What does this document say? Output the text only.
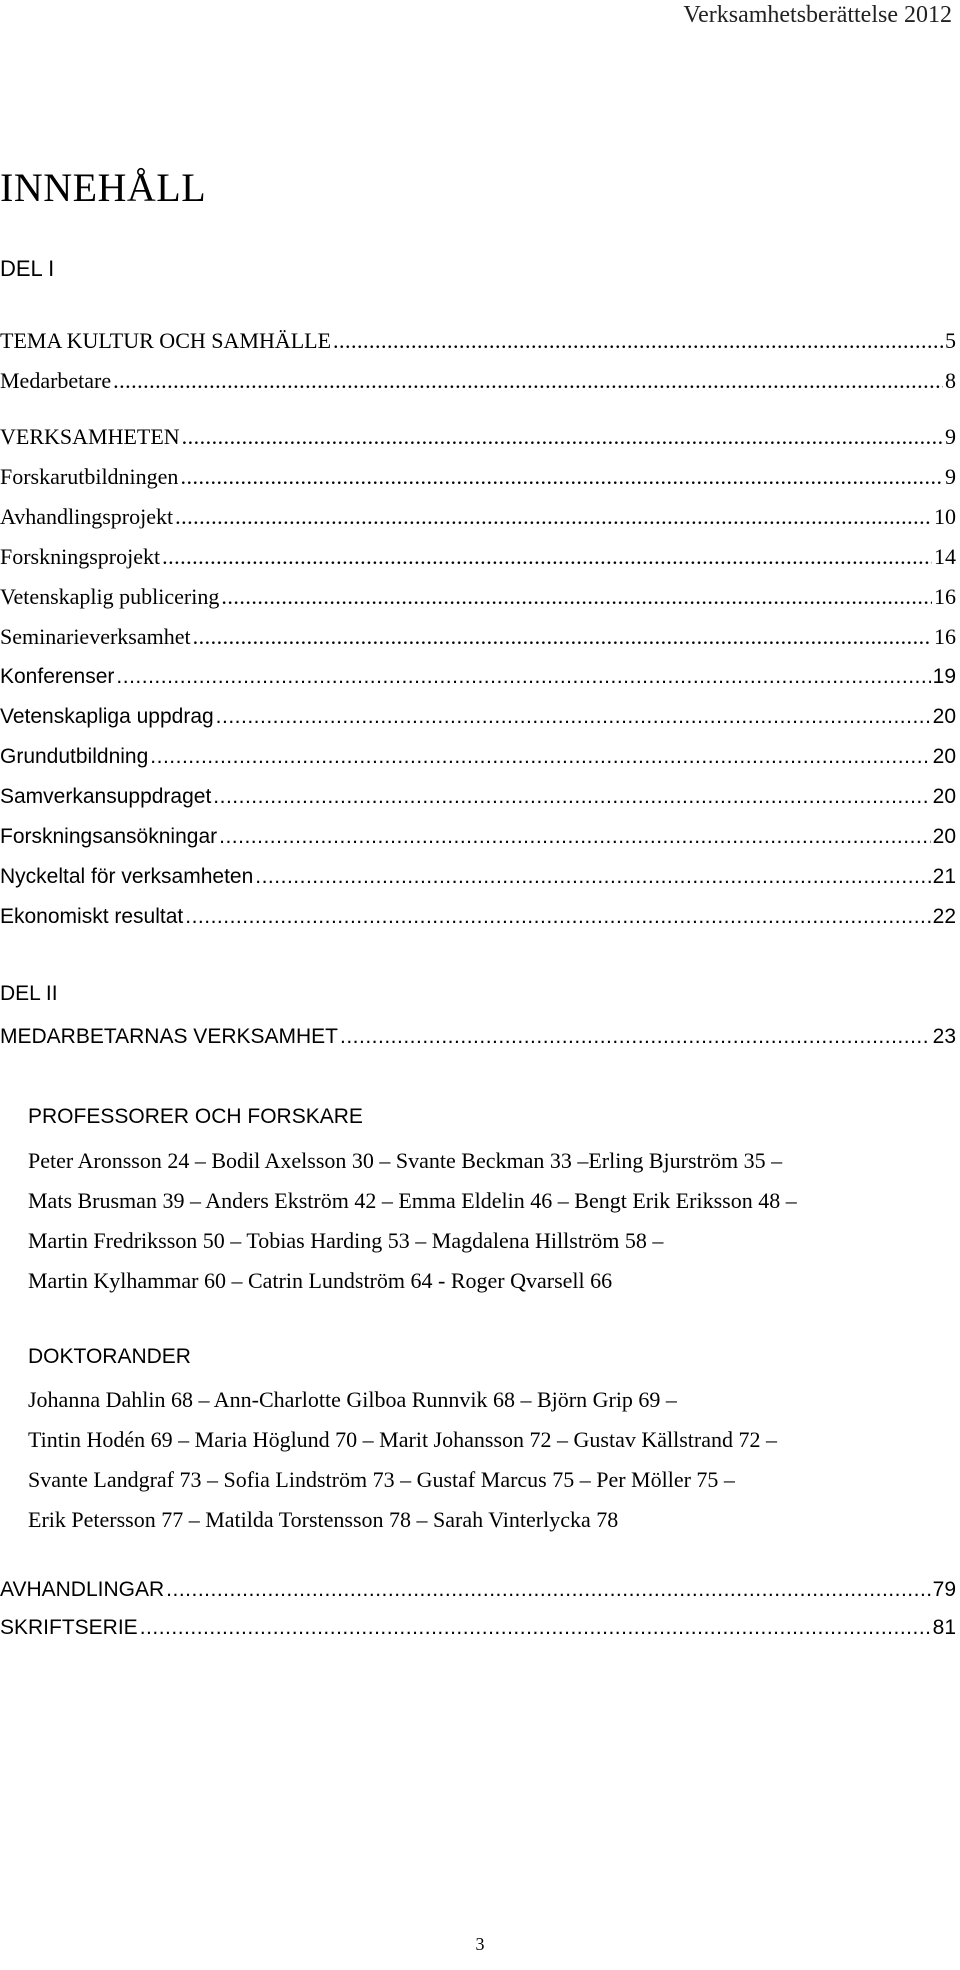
Verksamhetsberättelse 2012
INNEHÅLL
DEL I
TEMA KULTUR OCH SAMHÄLLE .....	5
Medarbetare .....	8
VERKSAMHETEN .....	9
Forskarutbildningen .....	9
Avhandlingsprojekt .....	10
Forskningsprojekt .....	14
Vetenskaplig publicering .....	16
Seminarieverksamhet .....	16
Konferenser .....	19
Vetenskapliga uppdrag .....	20
Grundutbildning .....	20
Samverkansuppdraget .....	20
Forskningsansökningar .....	20
Nyckeltal för verksamheten .....	21
Ekonomiskt resultat .....	22
DEL II
MEDARBETARNAS VERKSAMHET .....	23
PROFESSORER OCH FORSKARE
Peter Aronsson 24 – Bodil Axelsson 30 – Svante Beckman 33 –Erling Bjurström 35 –
Mats Brusman 39 – Anders Ekström 42 – Emma Eldelin 46 – Bengt Erik Eriksson 48 –
Martin Fredriksson 50 – Tobias Harding 53 – Magdalena Hillström 58 –
Martin Kylhammar 60 – Catrin Lundström 64 - Roger Qvarsell 66
DOKTORANDER
Johanna Dahlin 68 – Ann-Charlotte Gilboa Runnvik 68 – Björn Grip 69 –
Tintin Hodén 69 – Maria Höglund 70 – Marit Johansson 72 – Gustav Källstrand 72 –
Svante Landgraf 73 – Sofia Lindström 73 – Gustaf Marcus 75 – Per Möller 75 –
Erik Petersson 77 – Matilda Torstensson 78 – Sarah Vinterlycka 78
AVHANDLINGAR .....	79
SKRIFTSERIE .....	81
3
